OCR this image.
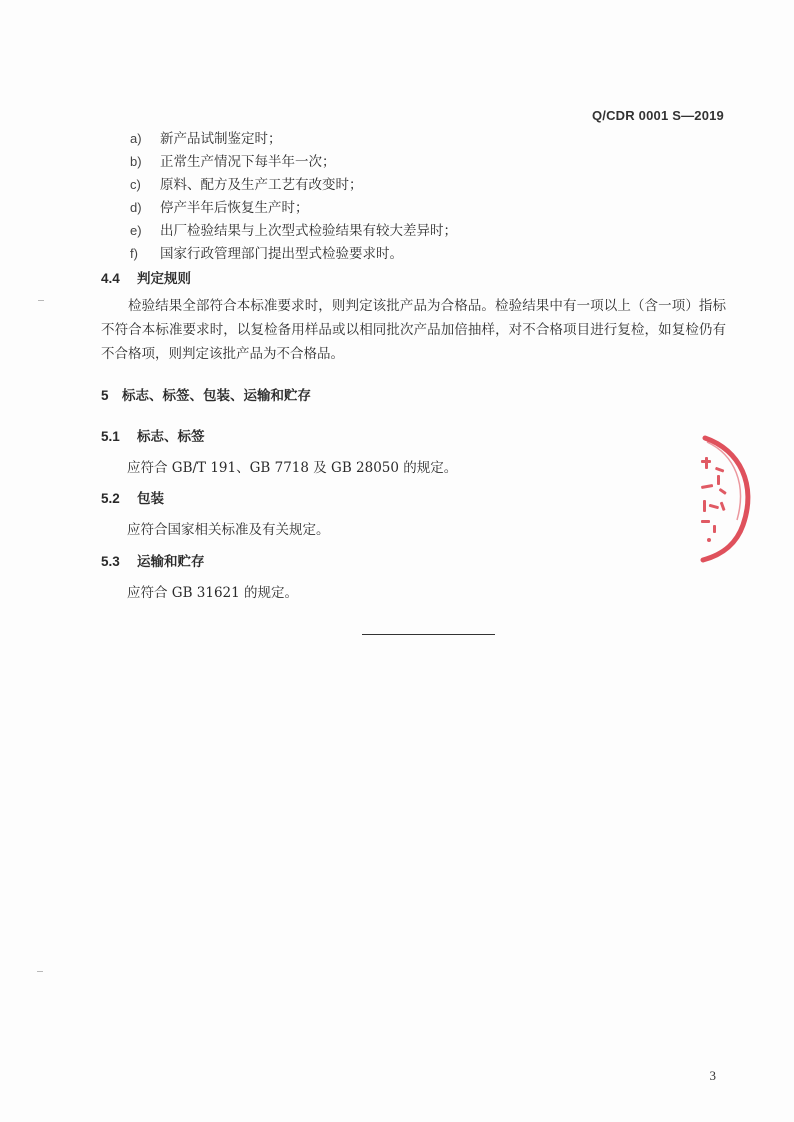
Q/CDR 0001 S—2019
a) 新产品试制鉴定时；
b) 正常生产情况下每半年一次；
c) 原料、配方及生产工艺有改变时；
d) 停产半年后恢复生产时；
e) 出厂检验结果与上次型式检验结果有较大差异时；
f) 国家行政管理部门提出型式检验要求时。
4.4 判定规则

检验结果全部符合本标准要求时，则判定该批产品为合格品。检验结果中有一项以上（含一项）指标不符合本标准要求时，以复检备用样品或以相同批次产品加倍抽样，对不合格项目进行复检，如复检仍有不合格项，则判定该批产品为不合格品。

5 标志、标签、包装、运输和贮存
5.1 标志、标签
应符合 GB/T 191、GB 7718 及 GB 28050 的规定。
5.2 包装
应符合国家相关标准及有关规定。
5.3 运输和贮存
应符合 GB 31621 的规定。
3
